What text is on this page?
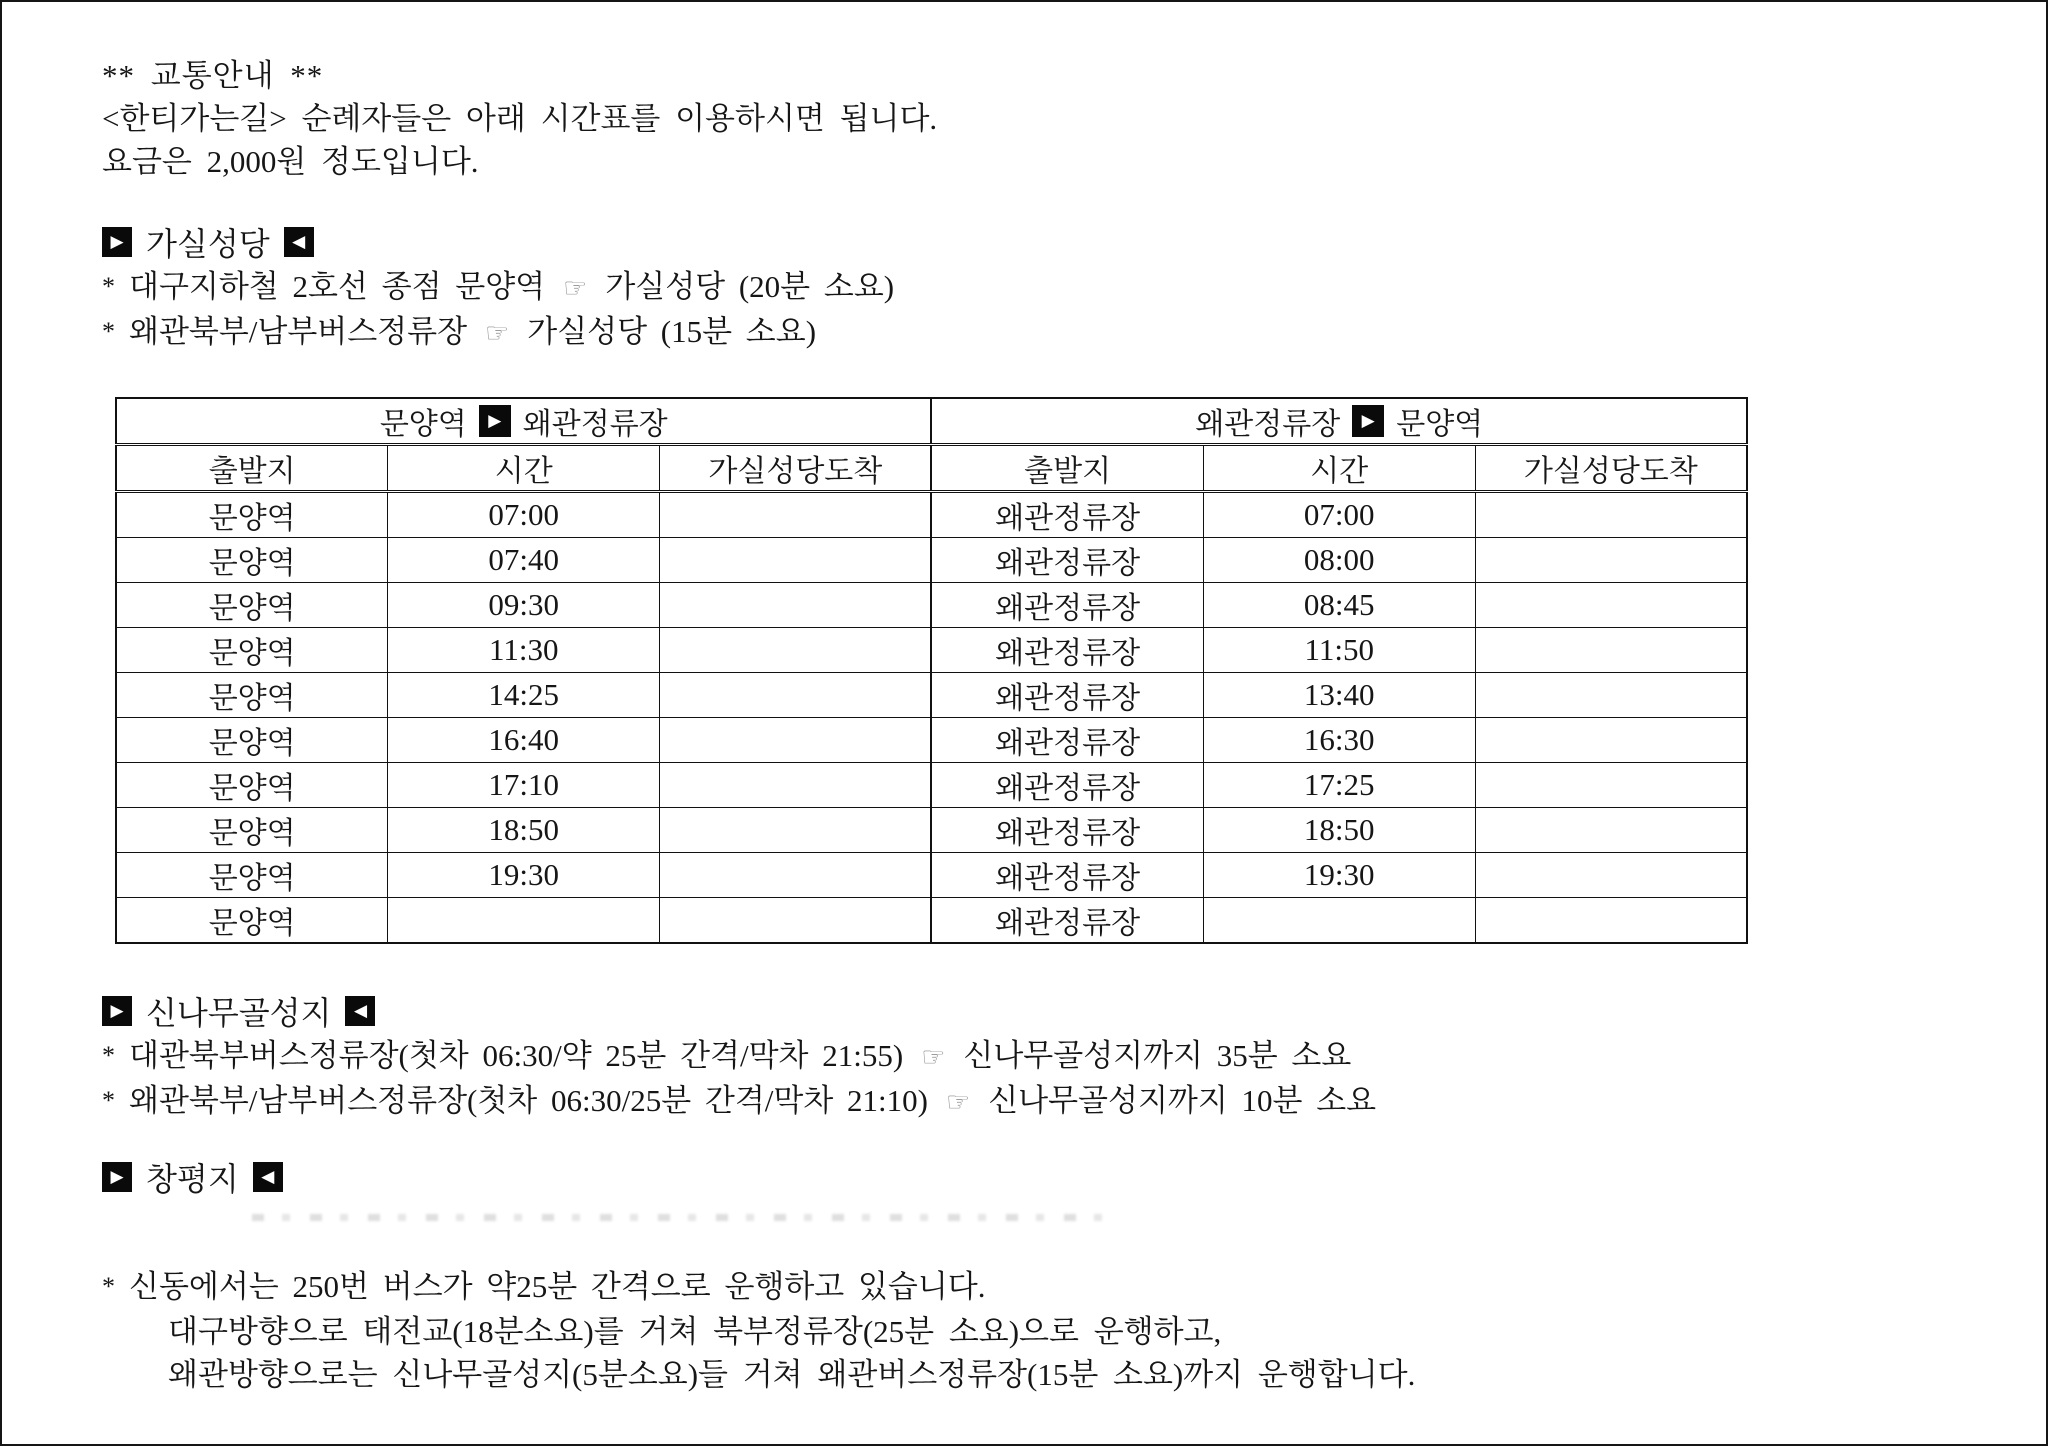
** 교통안내 **
<한티가는길> 순례자들은 아래 시간표를 이용하시면 됩니다.
요금은 2,000원 정도입니다.
▶ 가실성당	◀
* 대구지하철 2호선 종점 문양역 ☞ 가실성당 (20분 소요)
* 왜관북부/남부버스정류장 ☞ 가실성당 (15분 소요)
문양역 ▶ 왜관정류장			왜관정류장 ▶ 문양역		

출발지	시간	가실성당도착	출발지	시간	가실성당도착
문양역	07:00		왜관정류장	07:00	
문양역	07:40		왜관정류장	08:00	
문양역	09:30		왜관정류장	08:45	
문양역	11:30		왜관정류장	11:50	
문양역	14:25		왜관정류장	13:40	
문양역	16:40		왜관정류장	16:30	
문양역	17:10		왜관정류장	17:25	
문양역	18:50		왜관정류장	18:50	
문양역	19:30		왜관정류장	19:30	
문양역			왜관정류장		
▶ 신나무골성지	◀
* 대관북부버스정류장(첫차 06:30/약 25분 간격/막차 21:55) ☞ 신나무골성지까지 35분 소요
* 왜관북부/남부버스정류장(첫차 06:30/25분 간격/막차 21:10) ☞ 신나무골성지까지 10분 소요
▶ 창평지	◀
* 신동에서는 250번 버스가 약25분 간격으로 운행하고 있습니다.
대구방향으로 태전교(18분소요)를 거쳐 북부정류장(25분 소요)으로 운행하고,
왜관방향으로는 신나무골성지(5분소요)들 거쳐 왜관버스정류장(15분 소요)까지 운행합니다.
